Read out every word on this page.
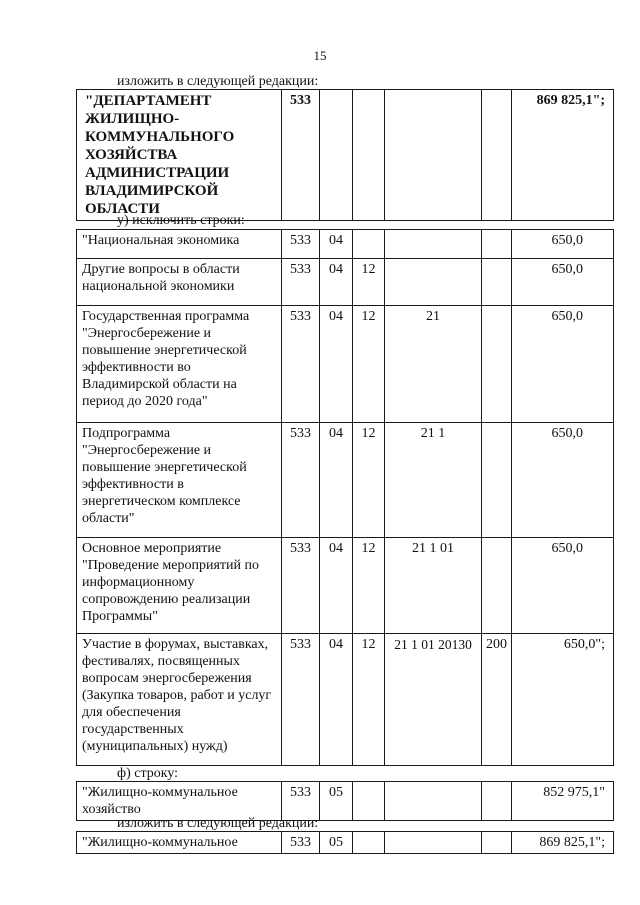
15
изложить в следующей редакции:
"ДЕПАРТАМЕНТ ЖИЛИЩНО-КОММУНАЛЬНОГО ХОЗЯЙСТВА АДМИНИСТРАЦИИ ВЛАДИМИРСКОЙ ОБЛАСТИ	533					869 825,1";
у) исключить строки:
"Национальная экономика	533	04				650,0
Другие вопросы в области национальной экономики	533	04	12			650,0
Государственная программа "Энергосбережение и повышение энергетической эффективности во Владимирской области на период до 2020 года"	533	04	12	21		650,0
Подпрограмма "Энергосбережение и повышение энергетической эффективности в энергетическом комплексе области"	533	04	12	21 1		650,0
Основное мероприятие "Проведение мероприятий по информационному сопровождению реализации Программы"	533	04	12	21 1 01		650,0
Участие в форумах, выставках, фестивалях, посвященных вопросам энергосбережения (Закупка товаров, работ и услуг для обеспечения государственных (муниципальных) нужд)	533	04	12	21 1 01 20130	200	650,0";
ф) строку:
"Жилищно-коммунальное хозяйство	533	05				852 975,1"
изложить в следующей редакции:
"Жилищно-коммунальное	533	05				869 825,1";
